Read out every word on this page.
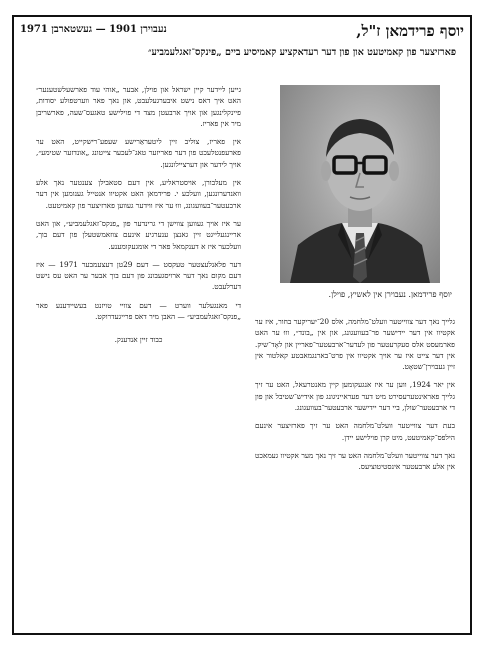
יוסף פרידמאן ז"ל,
נעבוירן 1901 — געשטארבן 1971
פארזיצער פון קאמיטעט און פון דער רעדאקציע קאמיסיע ביים „פינקס־זאגלעמביע״
יוסף פרידמאן. נעבוירן אין לאשיץ, פוילן.

גלייך נאך דער צווייטער וועלט־מלחמה, אלס 20־יעריקער בחור, איז ער אקטיוו אין דער יידישער פר־בעוועגונג, און אין „בונד״, וווּ ער האט פארמעסט אלס סעקרעטער פון לעדער־ארבעטער־פאריין און לאָד־שיק. אין דער צייט איז ער אויך אקטיוו אין פרט־בארנגמאבטע קאלטור אין זיין געבוירן־שטאָט.

אין יאר 1924, ווען ער איז אנגעקומען קיין מאנטרעאל, האט ער זיך גלייך פאראינטערעסירט מיט דער פעראייניגונג פון אידיש־שטיבל און פון די ארבעטער־שולן, ביי דער יידישער ארבעטער־בעוועגונג.

בעת דער צווייטער וועלט־מלחמה האט ער זיך פארזיצער אינעם הילפס־קאמיטעט, מיט קרן פוילישע יידן.

נאך דער צווייטער וועלט־מלחמה האט ער זיך נאך מער אקטיוו געמאכט אין אלע ארבעטער אינסטיטוציעס.

גייען ליידער קיין ישראל און פוילן, אבער „אוהי עוד פארשעלשטענער״ האט איך דאס נישט איבערגעלעבט, און נאך פאר ווערטפולע יסודות, פיינקלינגען און אויך ארבעטן מצד די פוילישע טאגעס־שעה, פארשריבן מיר אין פאריז.

אין פאריז, צוליב זיין ליטעראַרישע שעפע־רישקייט, האט ער פארעפנטלעכט פון דער פאריזער טאג־לעכער צייטונג „אונדזער שטימע״, אויך לידער און דערציילונגען.

אין מעלבורן, אויסטראליע, אין דעם סטאבילן צענטער נאך אלע וואנדערונגען, וועלכע י. פרידמאן האט אקטיוו אנטייל גענומען אין דער ארבעטער־בעוועגונג, וווּ ער איז ווידער געווען פארזיצער פון קאמיטעט.

ער איז אויך געווען צווישן די גרינדער פון „פנקס־זאגלעמביע״, און האט אריינגעלייגט זיין גאנצן ענערגיע אינעם צוזאמשטעלן פון דעם בוך, וועלכער איז א דענקמאל פאר די אומגעקומענע.

דער פלאנלעצטער טעקסט — דעם 29טן דעצעמבער 1971 — איז דעם מקום נאך דער ארויסגעבונג פון דעם בוך אבער ער האט עס נישט דערלעבט.

די מאנגעלער ווערט — דעם צוויי טויזנט בעשיידענע פאר „פנקס־זאגלעמביע״ — האבן מיר דאס פרייגעדרוקט.

כבוד זיין אנדענק.
